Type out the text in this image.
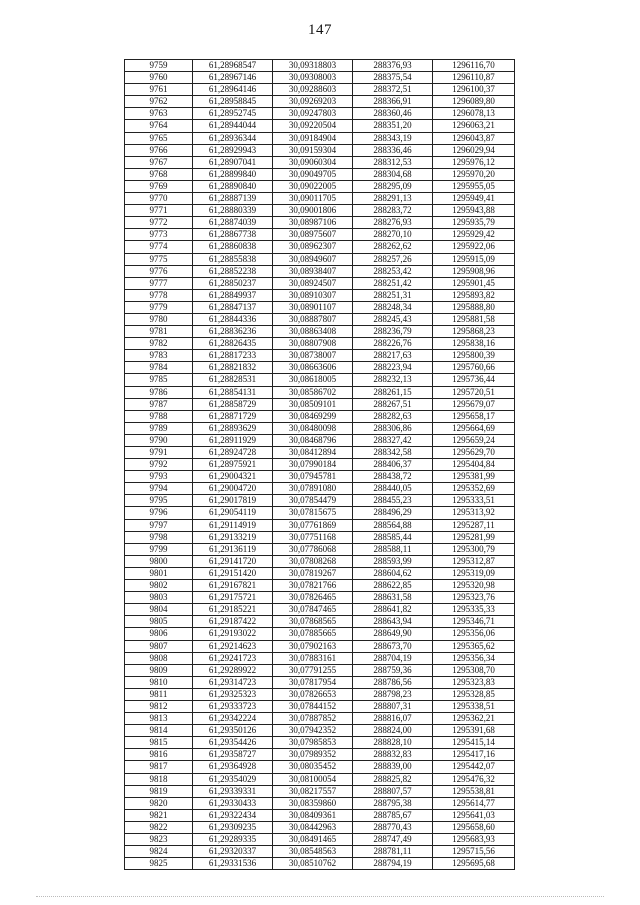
147
9759	61,28968547	30,09318803	288376,93	1296116,70
9760	61,28967146	30,09308003	288375,54	1296110,87
9761	61,28964146	30,09288603	288372,51	1296100,37
9762	61,28958845	30,09269203	288366,91	1296089,80
9763	61,28952745	30,09247803	288360,46	1296078,13
9764	61,28944044	30,09220504	288351,20	1296063,21
9765	61,28936344	30,09184904	288343,19	1296043,87
9766	61,28929943	30,09159304	288336,46	1296029,94
9767	61,28907041	30,09060304	288312,53	1295976,12
9768	61,28899840	30,09049705	288304,68	1295970,20
9769	61,28890840	30,09022005	288295,09	1295955,05
9770	61,28887139	30,09011705	288291,13	1295949,41
9771	61,28880339	30,09001806	288283,72	1295943,88
9772	61,28874039	30,08987106	288276,93	1295935,79
9773	61,28867738	30,08975607	288270,10	1295929,42
9774	61,28860838	30,08962307	288262,62	1295922,06
9775	61,28855838	30,08949607	288257,26	1295915,09
9776	61,28852238	30,08938407	288253,42	1295908,96
9777	61,28850237	30,08924507	288251,42	1295901,45
9778	61,28849937	30,08910307	288251,31	1295893,82
9779	61,28847137	30,08901107	288248,34	1295888,80
9780	61,28844336	30,08887807	288245,43	1295881,58
9781	61,28836236	30,08863408	288236,79	1295868,23
9782	61,28826435	30,08807908	288226,76	1295838,16
9783	61,28817233	30,08738007	288217,63	1295800,39
9784	61,28821832	30,08663606	288223,94	1295760,66
9785	61,28828531	30,08618005	288232,13	1295736,44
9786	61,28854131	30,08586702	288261,15	1295720,51
9787	61,28858729	30,08509101	288267,51	1295679,07
9788	61,28871729	30,08469299	288282,63	1295658,17
9789	61,28893629	30,08480098	288306,86	1295664,69
9790	61,28911929	30,08468796	288327,42	1295659,24
9791	61,28924728	30,08412894	288342,58	1295629,70
9792	61,28975921	30,07990184	288406,37	1295404,84
9793	61,29004321	30,07945781	288438,72	1295381,99
9794	61,29004720	30,07891080	288440,05	1295352,69
9795	61,29017819	30,07854479	288455,23	1295333,51
9796	61,29054119	30,07815675	288496,29	1295313,92
9797	61,29114919	30,07761869	288564,88	1295287,11
9798	61,29133219	30,07751168	288585,44	1295281,99
9799	61,29136119	30,07786068	288588,11	1295300,79
9800	61,29141720	30,07808268	288593,99	1295312,87
9801	61,29151420	30,07819267	288604,62	1295319,09
9802	61,29167821	30,07821766	288622,85	1295320,98
9803	61,29175721	30,07826465	288631,58	1295323,76
9804	61,29185221	30,07847465	288641,82	1295335,33
9805	61,29187422	30,07868565	288643,94	1295346,71
9806	61,29193022	30,07885665	288649,90	1295356,06
9807	61,29214623	30,07902163	288673,70	1295365,62
9808	61,29241723	30,07883161	288704,19	1295356,34
9809	61,29289922	30,07791255	288759,36	1295308,70
9810	61,29314723	30,07817954	288786,56	1295323,83
9811	61,29325323	30,07826653	288798,23	1295328,85
9812	61,29333723	30,07844152	288807,31	1295338,51
9813	61,29342224	30,07887852	288816,07	1295362,21
9814	61,29350126	30,07942352	288824,00	1295391,68
9815	61,29354426	30,07985853	288828,10	1295415,14
9816	61,29358727	30,07989352	288832,83	1295417,16
9817	61,29364928	30,08035452	288839,00	1295442,07
9818	61,29354029	30,08100054	288825,82	1295476,32
9819	61,29339331	30,08217557	288807,57	1295538,81
9820	61,29330433	30,08359860	288795,38	1295614,77
9821	61,29322434	30,08409361	288785,67	1295641,03
9822	61,29309235	30,08442963	288770,43	1295658,60
9823	61,29289335	30,08491465	288747,49	1295683,93
9824	61,29320337	30,08548563	288781,11	1295715,56
9825	61,29331536	30,08510762	288794,19	1295695,68
